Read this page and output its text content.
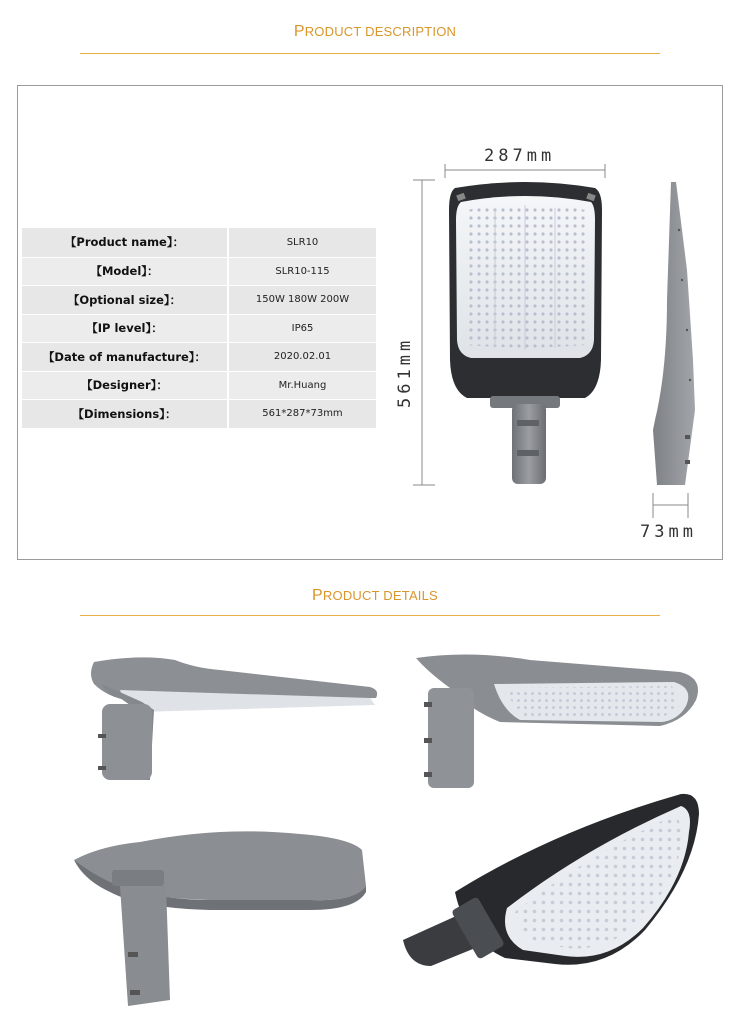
PRODUCT DESCRIPTION
【Product name】：	SLR10
【Model】：	SLR10-115
【Optional size】：	150W 180W 200W
【IP level】：	IP65
【Date of manufacture】：	2020.02.01
【Designer】：	Mr.Huang
【Dimensions】：	561*287*73mm
287mm
561mm
73mm
PRODUCT DETAILS
